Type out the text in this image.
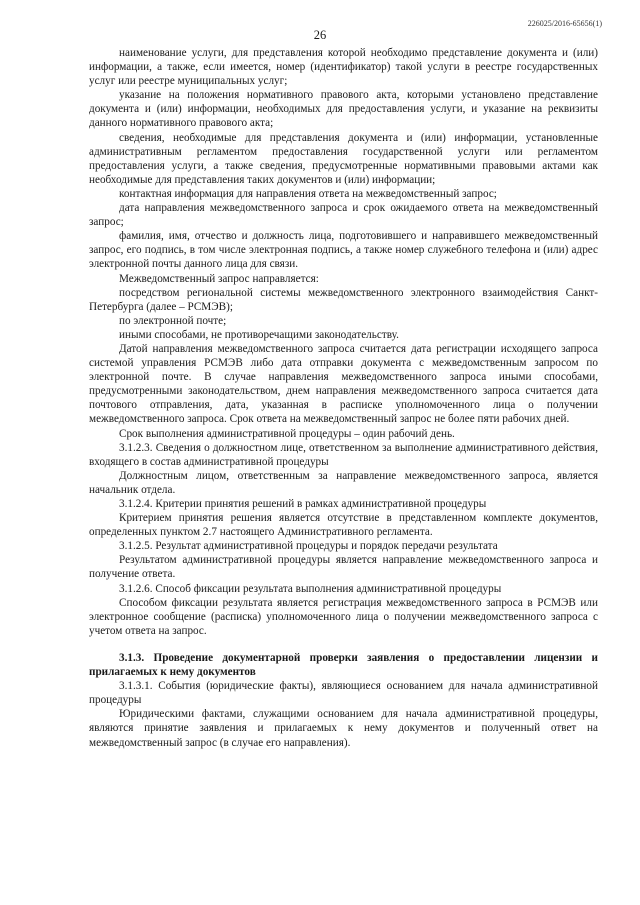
226025/2016-65656(1)
26

наименование услуги, для представления которой необходимо представление документа и (или) информации, а также, если имеется, номер (идентификатор) такой услуги в реестре государственных услуг или реестре муниципальных услуг;

указание на положения нормативного правового акта, которыми установлено представление документа и (или) информации, необходимых для предоставления услуги, и указание на реквизиты данного нормативного правового акта;

сведения, необходимые для представления документа и (или) информации, установленные административным регламентом предоставления государственной услуги или регламентом предоставления услуги, а также сведения, предусмотренные нормативными правовыми актами как необходимые для представления таких документов и (или) информации;

контактная информация для направления ответа на межведомственный запрос;

дата направления межведомственного запроса и срок ожидаемого ответа на межведомственный запрос;

фамилия, имя, отчество и должность лица, подготовившего и направившего межведомственный запрос, его подпись, в том числе электронная подпись, а также номер служебного телефона и (или) адрес электронной почты данного лица для связи.

Межведомственный запрос направляется:

посредством региональной системы межведомственного электронного взаимодействия Санкт-Петербурга (далее – РСМЭВ);

по электронной почте;

иными способами, не противоречащими законодательству.

Датой направления межведомственного запроса считается дата регистрации исходящего запроса системой управления РСМЭВ либо дата отправки документа с межведомственным запросом по электронной почте. В случае направления межведомственного запроса иными способами, предусмотренными законодательством, днем направления межведомственного запроса считается дата почтового отправления, дата, указанная в расписке уполномоченного лица о получении межведомственного запроса. Срок ответа на межведомственный запрос не более пяти рабочих дней.

Срок выполнения административной процедуры – один рабочий день.

3.1.2.3. Сведения о должностном лице, ответственном за выполнение административного действия, входящего в состав административной процедуры

Должностным лицом, ответственным за направление межведомственного запроса, является начальник отдела.

3.1.2.4. Критерии принятия решений в рамках административной процедуры

Критерием принятия решения является отсутствие в представленном комплекте документов, определенных пунктом 2.7 настоящего Административного регламента.

3.1.2.5. Результат административной процедуры и порядок передачи результата

Результатом административной процедуры является направление межведомственного запроса и получение ответа.

3.1.2.6. Способ фиксации результата выполнения административной процедуры

Способом фиксации результата является регистрация межведомственного запроса в РСМЭВ или электронное сообщение (расписка) уполномоченного лица о получении межведомственного запроса с учетом ответа на запрос.

3.1.3. Проведение документарной проверки заявления о предоставлении лицензии и прилагаемых к нему документов

3.1.3.1. События (юридические факты), являющиеся основанием для начала административной процедуры

Юридическими фактами, служащими основанием для начала административной процедуры, являются принятие заявления и прилагаемых к нему документов и полученный ответ на межведомственный запрос (в случае его направления).
